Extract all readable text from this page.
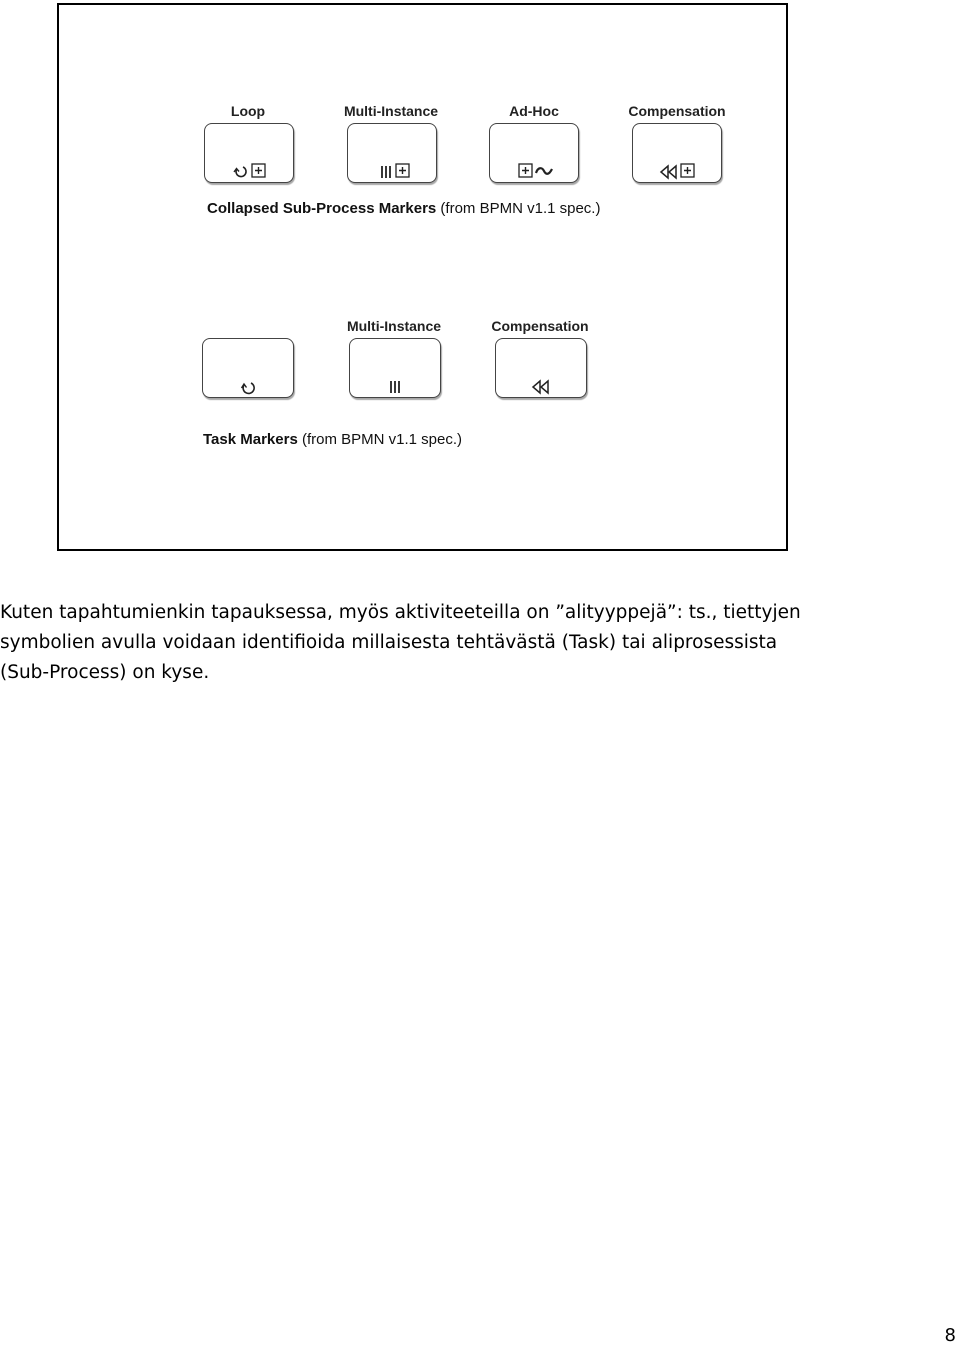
Loop	Multi-Instance	Ad-Hoc	Compensation
Collapsed Sub-Process Markers (from BPMN v1.1 spec.)
Multi-Instance	Compensation
Task Markers (from BPMN v1.1 spec.)
Kuten tapahtumienkin tapauksessa, myös aktiviteeteilla on ”alityyppejä”: ts., tiettyjen
symbolien avulla voidaan identifioida millaisesta tehtävästä (Task) tai aliprosessista
(Sub-Process) on kyse.
8
